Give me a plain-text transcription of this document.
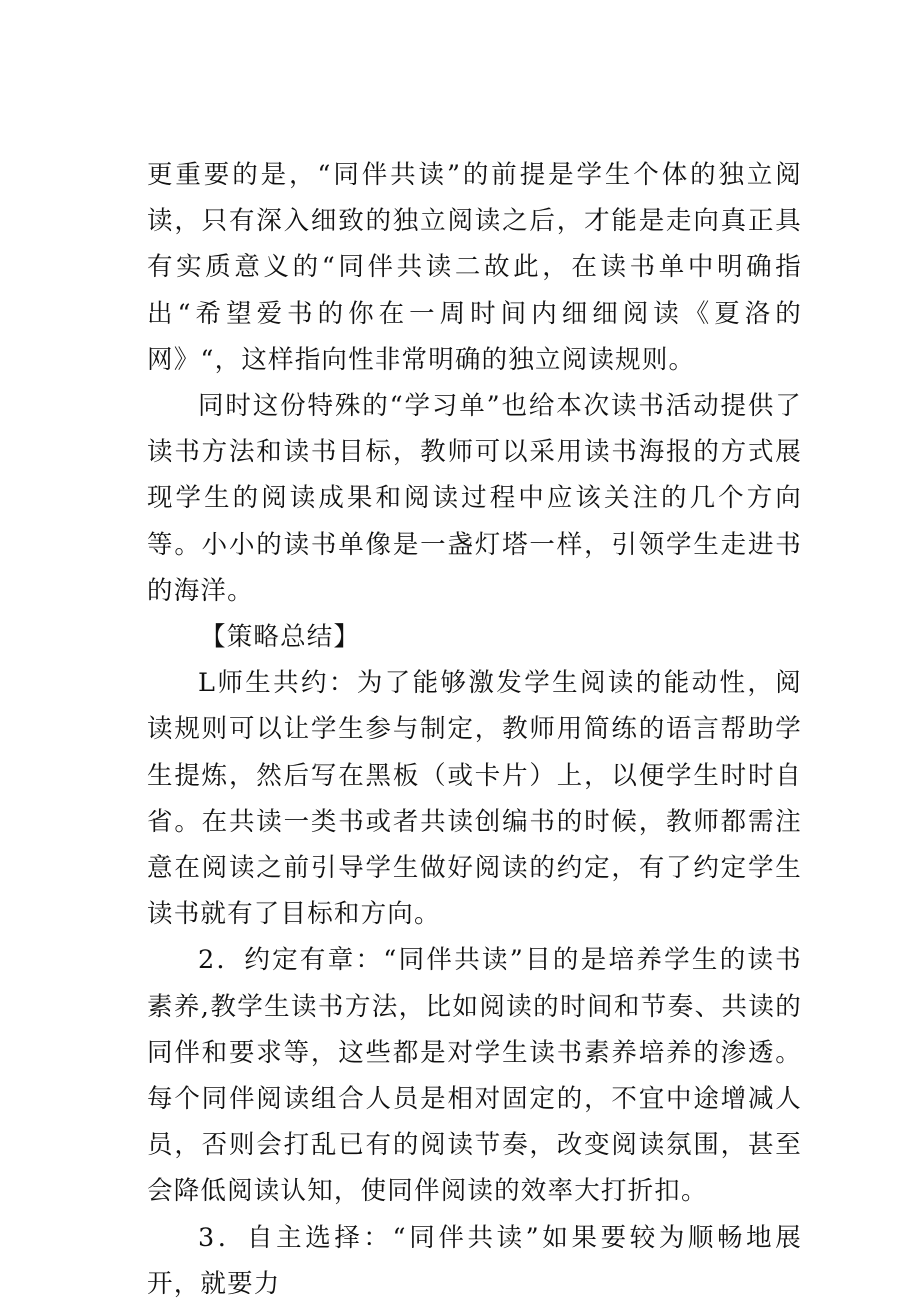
更重要的是，“同伴共读”的前提是学生个体的独立阅读，只有深入细致的独立阅读之后，才能是走向真正具有实质意义的“同伴共读二故此，在读书单中明确指出“希望爱书的你在一周时间内细细阅读《夏洛的网》“，这样指向性非常明确的独立阅读规则。

同时这份特殊的“学习单”也给本次读书活动提供了读书方法和读书目标，教师可以采用读书海报的方式展现学生的阅读成果和阅读过程中应该关注的几个方向等。小小的读书单像是一盏灯塔一样，引领学生走进书的海洋。

【策略总结】

L师生共约：为了能够激发学生阅读的能动性，阅读规则可以让学生参与制定，教师用简练的语言帮助学生提炼，然后写在黑板（或卡片）上，以便学生时时自省。在共读一类书或者共读创编书的时候，教师都需注意在阅读之前引导学生做好阅读的约定，有了约定学生读书就有了目标和方向。

2．约定有章：“同伴共读”目的是培养学生的读书素养,教学生读书方法，比如阅读的时间和节奏、共读的同伴和要求等，这些都是对学生读书素养培养的渗透。每个同伴阅读组合人员是相对固定的，不宜中途增减人员，否则会打乱已有的阅读节奏，改变阅读氛围，甚至会降低阅读认知，使同伴阅读的效率大打折扣。

3．自主选择：“同伴共读”如果要较为顺畅地展开，就要力
